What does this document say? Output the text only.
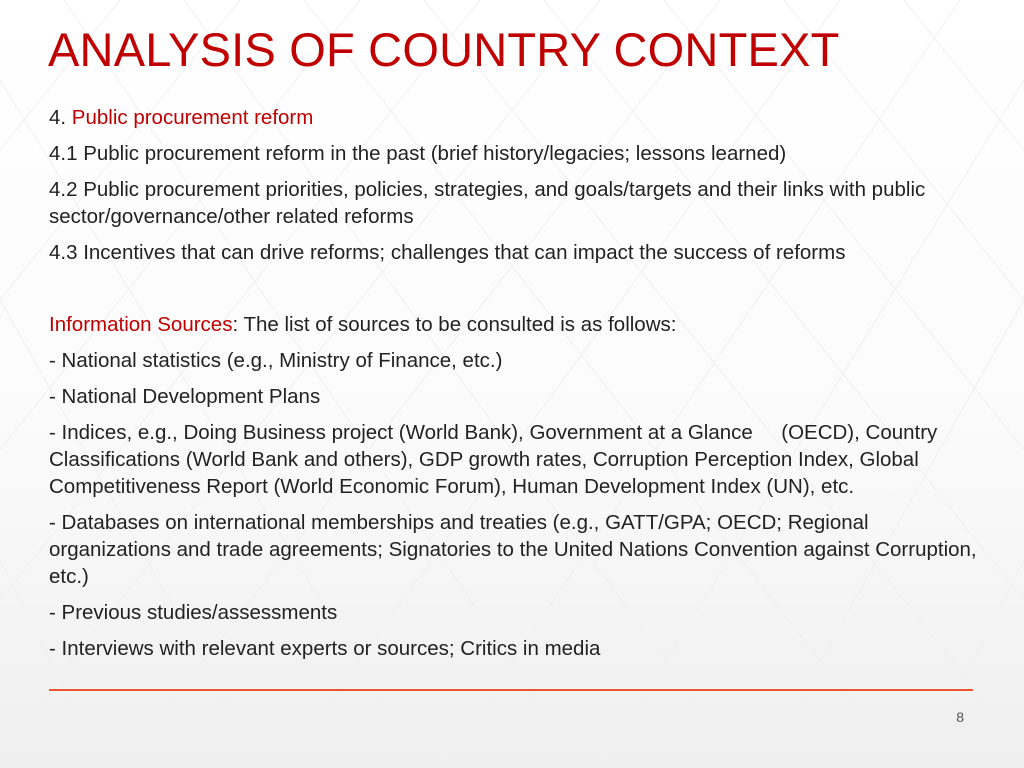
ANALYSIS OF COUNTRY CONTEXT

4. Public procurement reform

4.1 Public procurement reform in the past (brief history/legacies; lessons learned)

4.2 Public procurement priorities, policies, strategies, and goals/targets and their links with public sector/governance/other related reforms

4.3 Incentives that can drive reforms; challenges that can impact the success of reforms

Information Sources: The list of sources to be consulted is as follows:

- National statistics (e.g., Ministry of Finance, etc.)

- National Development Plans

- Indices, e.g., Doing Business project (World Bank), Government at a Glance     (OECD), Country Classifications (World Bank and others), GDP growth rates, Corruption Perception Index, Global Competitiveness Report (World Economic Forum), Human Development Index (UN), etc.

- Databases on international memberships and treaties (e.g., GATT/GPA; OECD; Regional organizations and trade agreements; Signatories to the United Nations Convention against Corruption, etc.)

- Previous studies/assessments

- Interviews with relevant experts or sources; Critics in media

8
